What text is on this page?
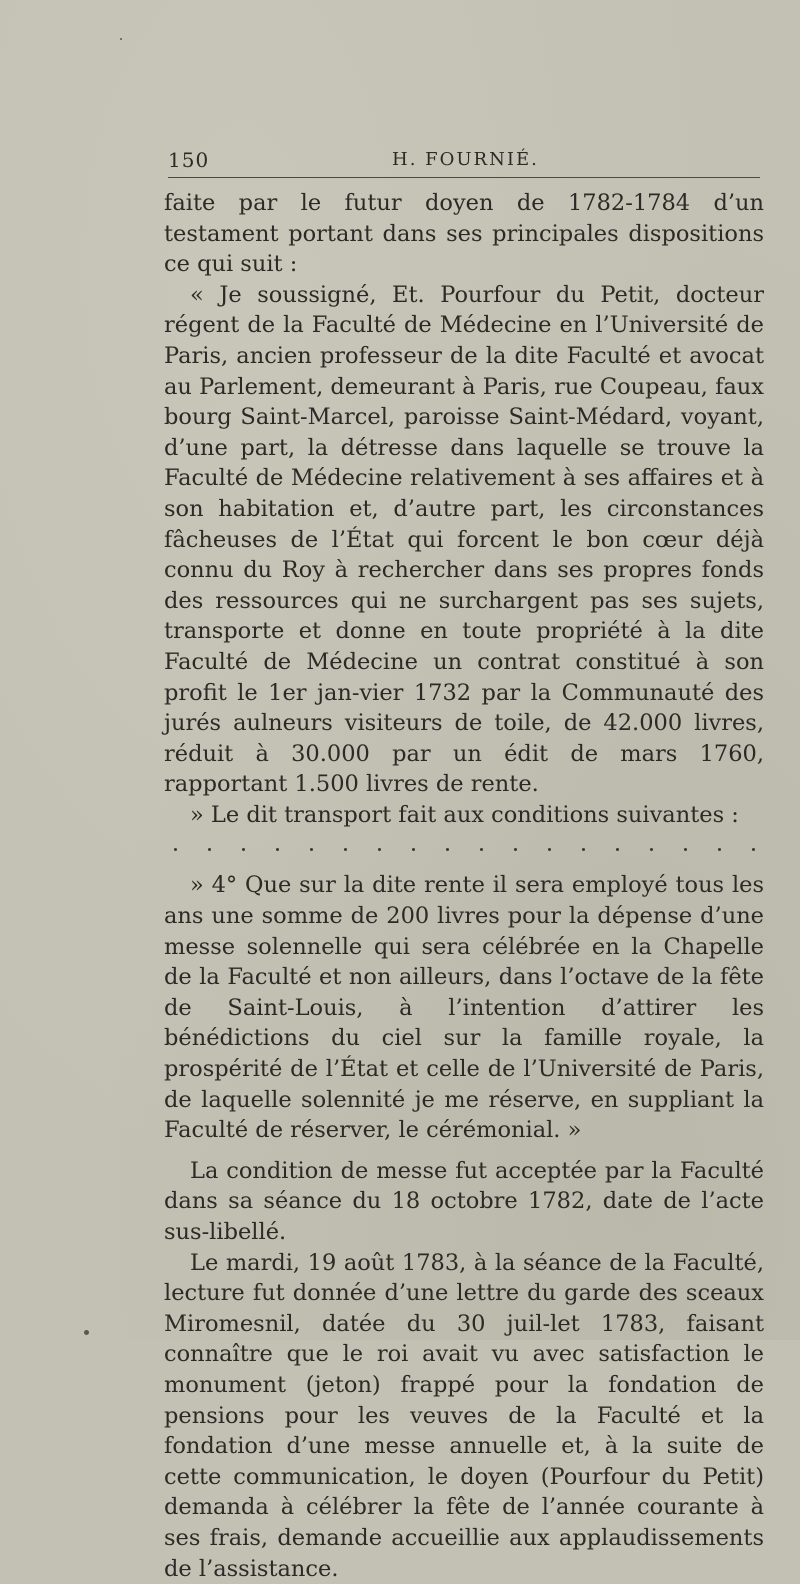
150	H. FOURNIÉ.

faite par le futur doyen de 1782-1784 d’un testament portant dans ses principales dispositions ce qui suit :

« Je soussigné, Et. Pourfour du Petit, docteur régent de la Faculté de Médecine en l’Université de Paris, ancien professeur de la dite Faculté et avocat au Parlement, demeurant à Paris, rue Coupeau, faux bourg Saint-Marcel, paroisse Saint-Médard, voyant, d’une part, la détresse dans laquelle se trouve la Faculté de Médecine relativement à ses affaires et à son habitation et, d’autre part, les circonstances fâcheuses de l’État qui forcent le bon cœur déjà connu du Roy à rechercher dans ses propres fonds des ressources qui ne surchargent pas ses sujets, transporte et donne en toute propriété à la dite Faculté de Médecine un contrat constitué à son profit le 1er jan-vier 1732 par la Communauté des jurés aulneurs visiteurs de toile, de 42.000 livres, réduit à 30.000 par un édit de mars 1760, rapportant 1.500 livres de rente.

» Le dit transport fait aux conditions suivantes :

» 4° Que sur la dite rente il sera employé tous les ans une somme de 200 livres pour la dépense d’une messe solennelle qui sera célébrée en la Chapelle de la Faculté et non ailleurs, dans l’octave de la fête de Saint-Louis, à l’intention d’attirer les bénédictions du ciel sur la famille royale, la prospérité de l’État et celle de l’Université de Paris, de laquelle solennité je me réserve, en suppliant la Faculté de réserver, le cérémonial. »

La condition de messe fut acceptée par la Faculté dans sa séance du 18 octobre 1782, date de l’acte sus-libellé.

Le mardi, 19 août 1783, à la séance de la Faculté, lecture fut donnée d’une lettre du garde des sceaux Miromesnil, datée du 30 juil-let 1783, faisant connaître que le roi avait vu avec satisfaction le monument (jeton) frappé pour la fondation de pensions pour les veuves de la Faculté et la fondation d’une messe annuelle et, à la suite de cette communication, le doyen (Pourfour du Petit) demanda à célébrer la fête de l’année courante à ses frais, demande accueillie aux applaudissements de l’assistance.
